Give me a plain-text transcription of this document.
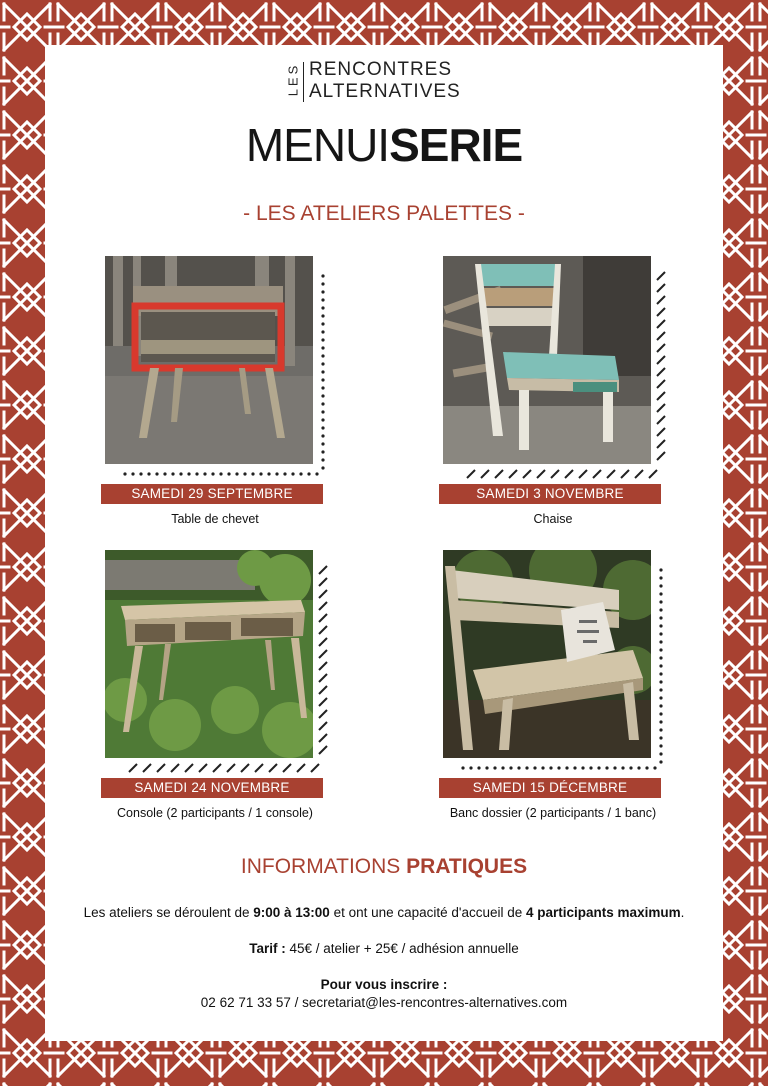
LES RENCONTRES
ALTERNATIVES
MENUISERIE
- LES ATELIERS PALETTES -
SAMEDI 29 SEPTEMBRE
Table de chevet
SAMEDI 3 NOVEMBRE
Chaise
SAMEDI 24 NOVEMBRE
Console (2 participants / 1 console)
SAMEDI 15 DÉCEMBRE
Banc dossier (2 participants / 1 banc)
INFORMATIONS PRATIQUES
Les ateliers se déroulent de 9:00 à 13:00 et ont une capacité d'accueil de 4 participants maximum.
Tarif : 45€ / atelier + 25€ / adhésion annuelle
Pour vous inscrire :
02 62 71 33 57 / secretariat@les-rencontres-alternatives.com
